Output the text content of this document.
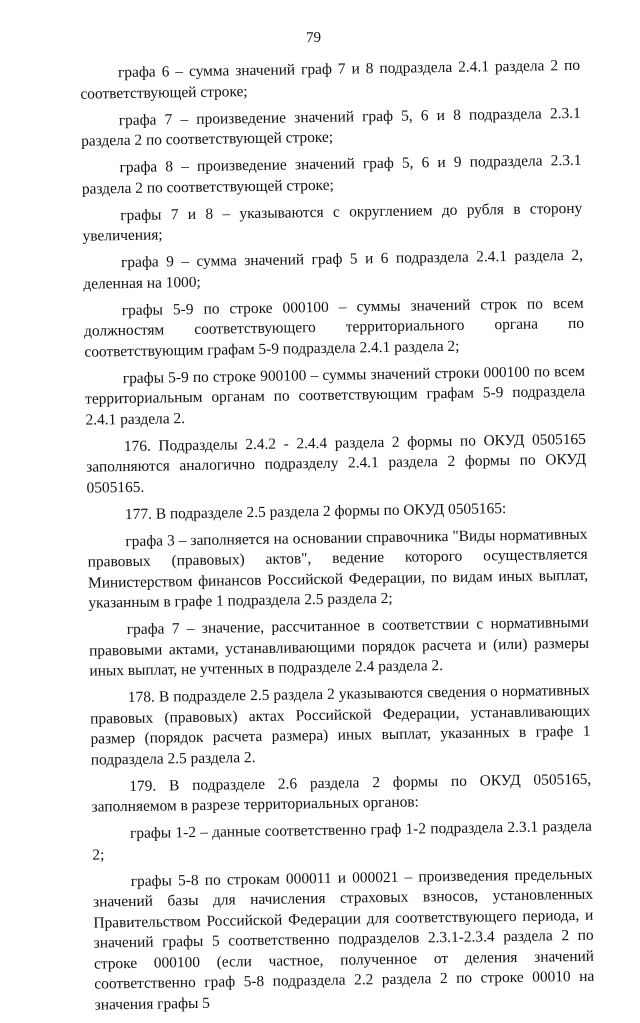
79

графа 6 – сумма значений граф 7 и 8 подраздела 2.4.1 раздела 2 по соответствующей строке;

графа 7 – произведение значений граф 5, 6 и 8 подраздела 2.3.1 раздела 2 по соответствующей строке;

графа 8 – произведение значений граф 5, 6 и 9 подраздела 2.3.1 раздела 2 по соответствующей строке;

графы 7 и 8 – указываются с округлением до рубля в сторону увеличения;

графа 9 – сумма значений граф 5 и 6 подраздела 2.4.1 раздела 2, деленная на 1000;

графы 5-9 по строке 000100 – суммы значений строк по всем должностям соответствующего территориального органа по соответствующим графам 5-9 подраздела 2.4.1 раздела 2;

графы 5-9 по строке 900100 – суммы значений строки 000100 по всем территориальным органам по соответствующим графам 5-9 подраздела 2.4.1 раздела 2.

176. Подразделы 2.4.2 - 2.4.4 раздела 2 формы по ОКУД 0505165 заполняются аналогично подразделу 2.4.1 раздела 2 формы по ОКУД 0505165.

177. В подразделе 2.5 раздела 2 формы по ОКУД 0505165:

графа 3 – заполняется на основании справочника "Виды нормативных правовых (правовых) актов", ведение которого осуществляется Министерством финансов Российской Федерации, по видам иных выплат, указанным в графе 1 подраздела 2.5 раздела 2;

графа 7 – значение, рассчитанное в соответствии с нормативными правовыми актами, устанавливающими порядок расчета и (или) размеры иных выплат, не учтенных в подразделе 2.4 раздела 2.

178. В подразделе 2.5 раздела 2 указываются сведения о нормативных правовых (правовых) актах Российской Федерации, устанавливающих размер (порядок расчета размера) иных выплат, указанных в графе 1 подраздела 2.5 раздела 2.

179. В подразделе 2.6 раздела 2 формы по ОКУД 0505165, заполняемом в разрезе территориальных органов:

графы 1-2 – данные соответственно граф 1-2 подраздела 2.3.1 раздела 2;

графы 5-8 по строкам 000011 и 000021 – произведения предельных значений базы для начисления страховых взносов, установленных Правительством Российской Федерации для соответствующего периода, и значений графы 5 соответственно подразделов 2.3.1-2.3.4 раздела 2 по строке 000100 (если частное, полученное от деления значений соответственно граф 5-8 подраздела 2.2 раздела 2 по строке 00010 на значения графы 5
